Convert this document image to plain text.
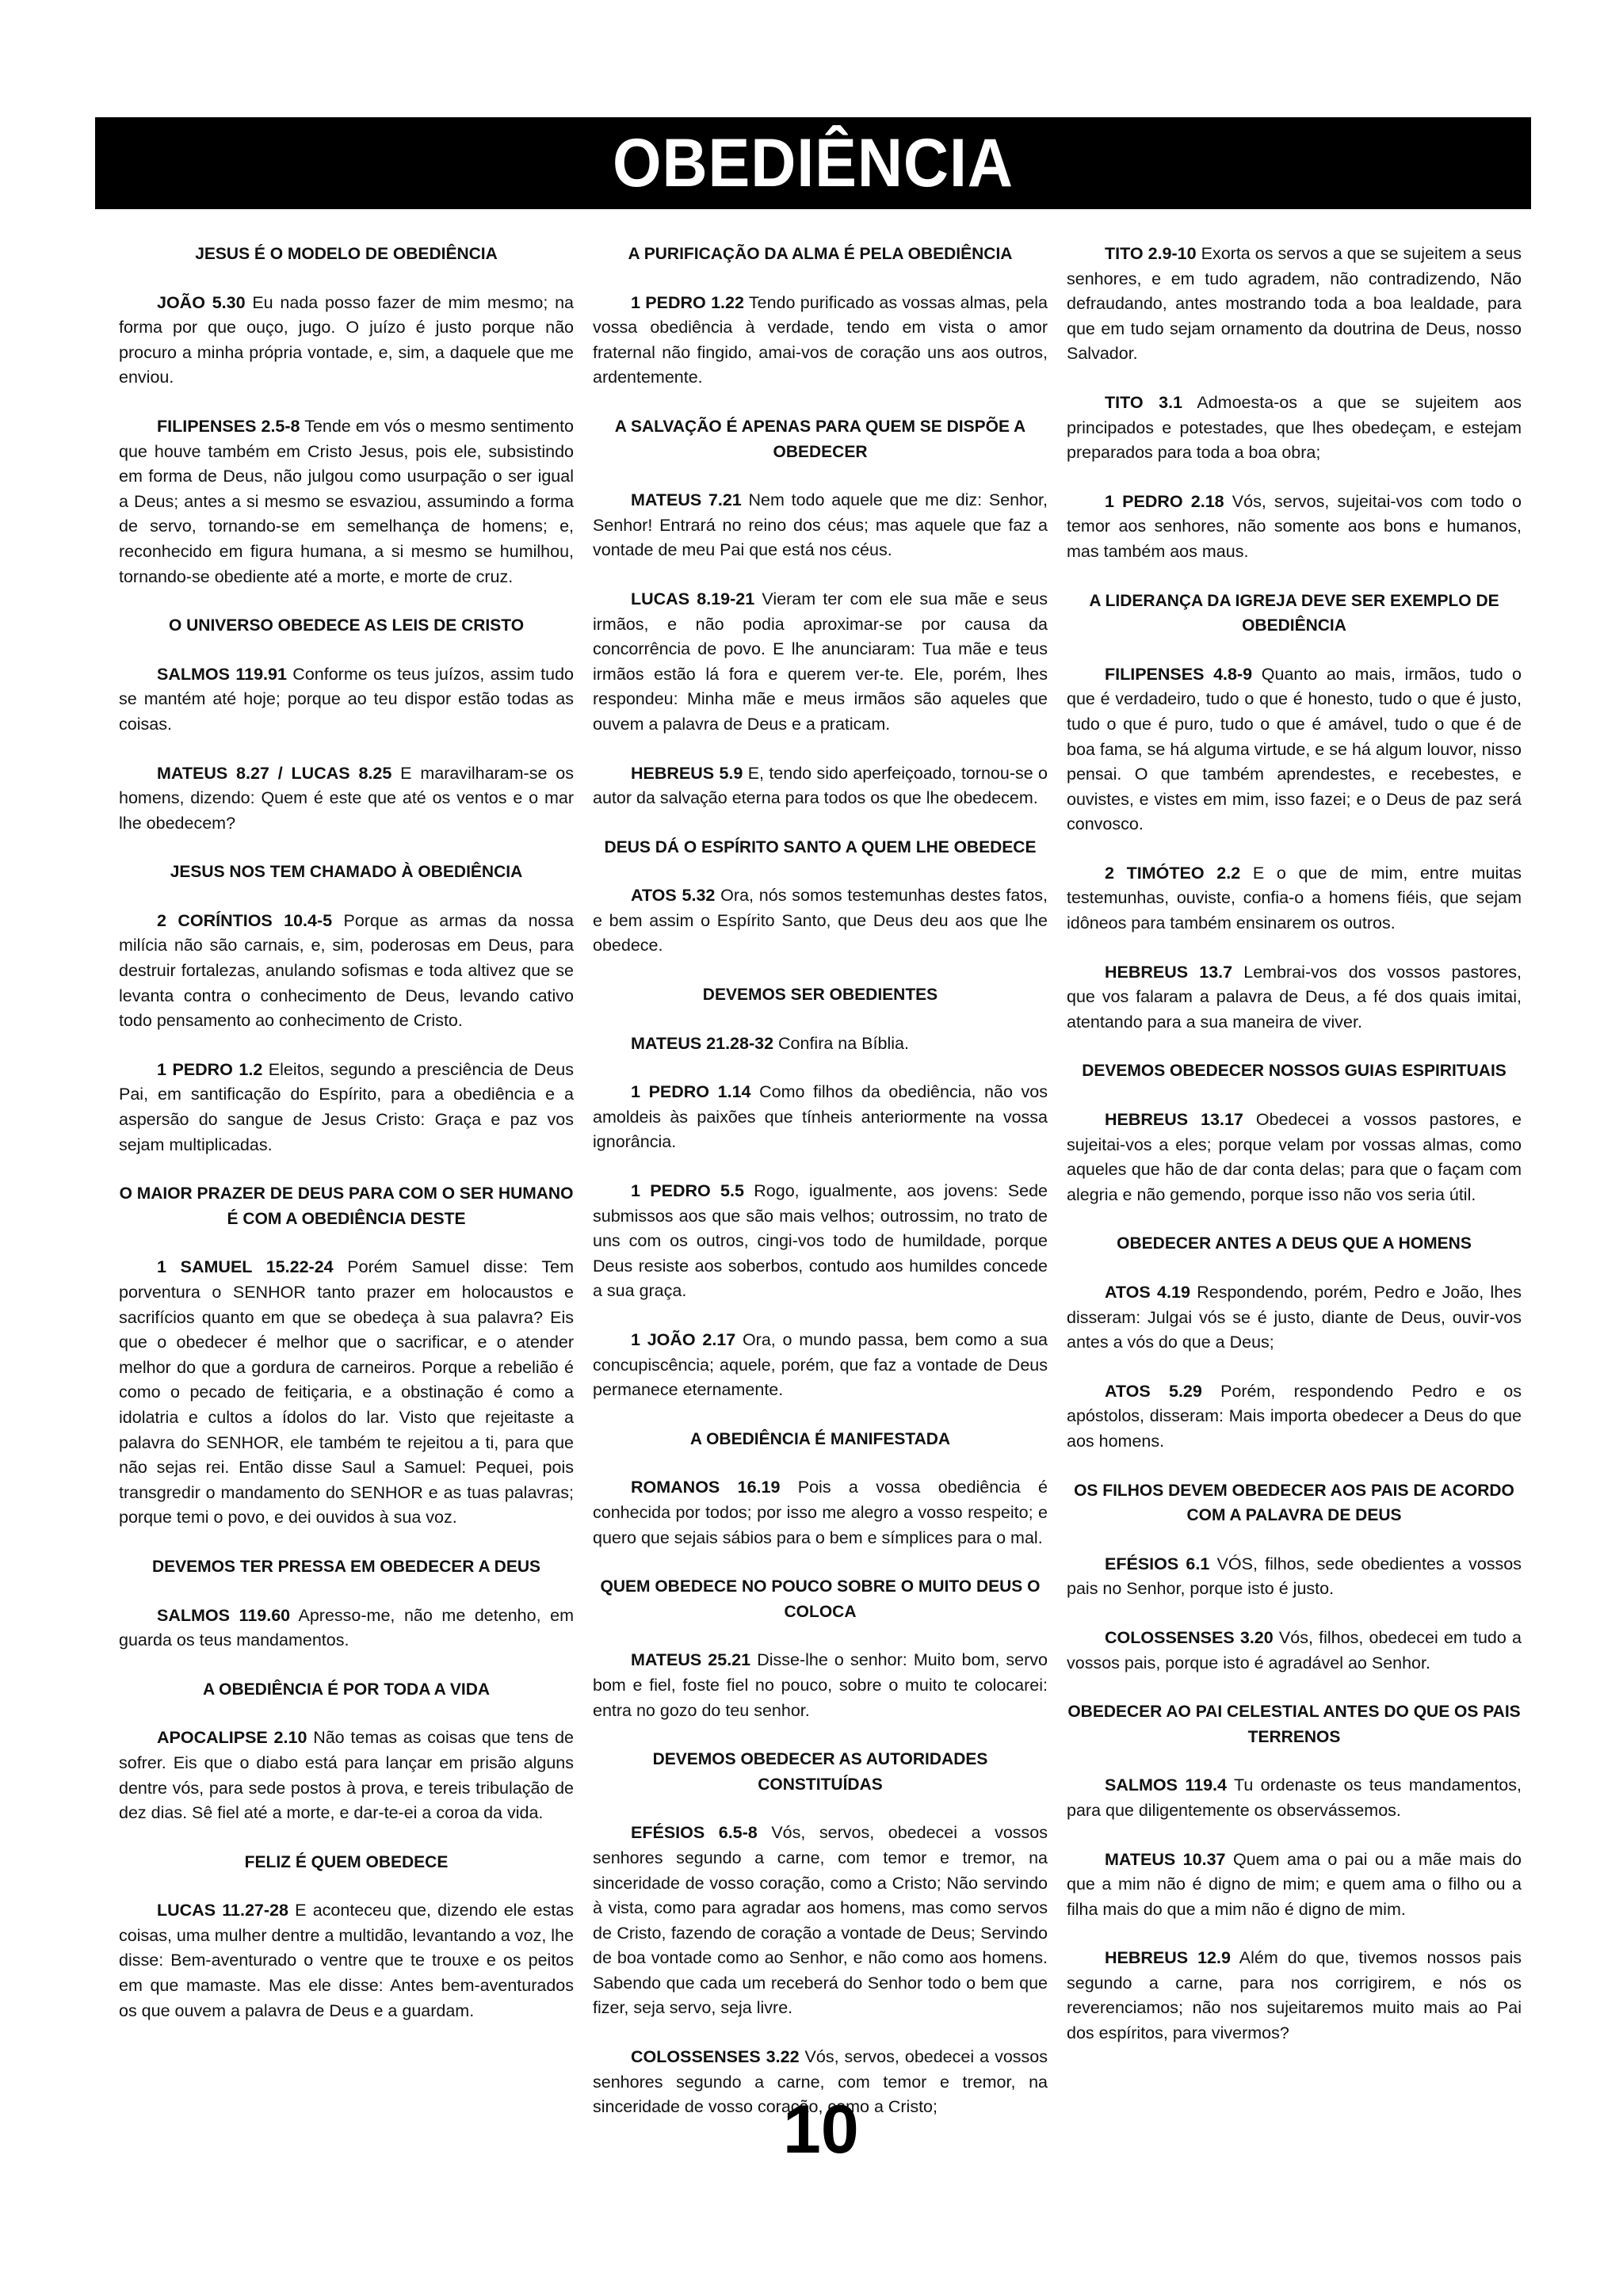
OBEDIÊNCIA
JESUS É O MODELO DE OBEDIÊNCIA
JOÃO 5.30 Eu nada posso fazer de mim mesmo; na forma por que ouço, jugo. O juízo é justo porque não procuro a minha própria vontade, e, sim, a daquele que me enviou.
FILIPENSES 2.5-8 Tende em vós o mesmo sentimento que houve também em Cristo Jesus, pois ele, subsistindo em forma de Deus, não julgou como usurpação o ser igual a Deus; antes a si mesmo se esvaziou, assumindo a forma de servo, tornando-se em semelhança de homens; e, reconhecido em figura humana, a si mesmo se humilhou, tornando-se obediente até a morte, e morte de cruz.
O UNIVERSO OBEDECE AS LEIS DE CRISTO
SALMOS 119.91 Conforme os teus juízos, assim tudo se mantém até hoje; porque ao teu dispor estão todas as coisas.
MATEUS 8.27 / LUCAS 8.25 E maravilharam-se os homens, dizendo: Quem é este que até os ventos e o mar lhe obedecem?
JESUS NOS TEM CHAMADO À OBEDIÊNCIA
2 CORÍNTIOS 10.4-5 Porque as armas da nossa milícia não são carnais, e, sim, poderosas em Deus, para destruir fortalezas, anulando sofismas e toda altivez que se levanta contra o conhecimento de Deus, levando cativo todo pensamento ao conhecimento de Cristo.
1 PEDRO 1.2 Eleitos, segundo a presciência de Deus Pai, em santificação do Espírito, para a obediência e a aspersão do sangue de Jesus Cristo: Graça e paz vos sejam multiplicadas.
O MAIOR PRAZER DE DEUS PARA COM O SER HUMANO É COM A OBEDIÊNCIA DESTE
1 SAMUEL 15.22-24 Porém Samuel disse: Tem porventura o SENHOR tanto prazer em holocaustos e sacrifícios quanto em que se obedeça à sua palavra? Eis que o obedecer é melhor que o sacrificar, e o atender melhor do que a gordura de carneiros. Porque a rebelião é como o pecado de feitiçaria, e a obstinação é como a idolatria e cultos a ídolos do lar. Visto que rejeitaste a palavra do SENHOR, ele também te rejeitou a ti, para que não sejas rei. Então disse Saul a Samuel: Pequei, pois transgredir o mandamento do SENHOR e as tuas palavras; porque temi o povo, e dei ouvidos à sua voz.
DEVEMOS TER PRESSA EM OBEDECER A DEUS
SALMOS 119.60 Apresso-me, não me detenho, em guarda os teus mandamentos.
A OBEDIÊNCIA É POR TODA A VIDA
APOCALIPSE 2.10 Não temas as coisas que tens de sofrer. Eis que o diabo está para lançar em prisão alguns dentre vós, para sede postos à prova, e tereis tribulação de dez dias. Sê fiel até a morte, e dar-te-ei a coroa da vida.
FELIZ É QUEM OBEDECE
LUCAS 11.27-28 E aconteceu que, dizendo ele estas coisas, uma mulher dentre a multidão, levantando a voz, lhe disse: Bem-aventurado o ventre que te trouxe e os peitos em que mamaste. Mas ele disse: Antes bem-aventurados os que ouvem a palavra de Deus e a guardam.
A PURIFICAÇÃO DA ALMA É PELA OBEDIÊNCIA
1 PEDRO 1.22 Tendo purificado as vossas almas, pela vossa obediência à verdade, tendo em vista o amor fraternal não fingido, amai-vos de coração uns aos outros, ardentemente.
A SALVAÇÃO É APENAS PARA QUEM SE DISPÕE A OBEDECER
MATEUS 7.21 Nem todo aquele que me diz: Senhor, Senhor! Entrará no reino dos céus; mas aquele que faz a vontade de meu Pai que está nos céus.
LUCAS 8.19-21 Vieram ter com ele sua mãe e seus irmãos, e não podia aproximar-se por causa da concorrência de povo. E lhe anunciaram: Tua mãe e teus irmãos estão lá fora e querem ver-te. Ele, porém, lhes respondeu: Minha mãe e meus irmãos são aqueles que ouvem a palavra de Deus e a praticam.
HEBREUS 5.9 E, tendo sido aperfeiçoado, tornou-se o autor da salvação eterna para todos os que lhe obedecem.
DEUS DÁ O ESPÍRITO SANTO A QUEM LHE OBEDECE
ATOS 5.32 Ora, nós somos testemunhas destes fatos, e bem assim o Espírito Santo, que Deus deu aos que lhe obedece.
DEVEMOS SER OBEDIENTES
MATEUS 21.28-32 Confira na Bíblia.
1 PEDRO 1.14 Como filhos da obediência, não vos amoldeis às paixões que tínheis anteriormente na vossa ignorância.
1 PEDRO 5.5 Rogo, igualmente, aos jovens: Sede submissos aos que são mais velhos; outrossim, no trato de uns com os outros, cingi-vos todo de humildade, porque Deus resiste aos soberbos, contudo aos humildes concede a sua graça.
1 JOÃO 2.17 Ora, o mundo passa, bem como a sua concupiscência; aquele, porém, que faz a vontade de Deus permanece eternamente.
A OBEDIÊNCIA É MANIFESTADA
ROMANOS 16.19 Pois a vossa obediência é conhecida por todos; por isso me alegro a vosso respeito; e quero que sejais sábios para o bem e símplices para o mal.
QUEM OBEDECE NO POUCO SOBRE O MUITO DEUS O COLOCA
MATEUS 25.21 Disse-lhe o senhor: Muito bom, servo bom e fiel, foste fiel no pouco, sobre o muito te colocarei: entra no gozo do teu senhor.
DEVEMOS OBEDECER AS AUTORIDADES CONSTITUÍDAS
EFÉSIOS 6.5-8 Vós, servos, obedecei a vossos senhores segundo a carne, com temor e tremor, na sinceridade de vosso coração, como a Cristo; Não servindo à vista, como para agradar aos homens, mas como servos de Cristo, fazendo de coração a vontade de Deus; Servindo de boa vontade como ao Senhor, e não como aos homens. Sabendo que cada um receberá do Senhor todo o bem que fizer, seja servo, seja livre.
COLOSSENSES 3.22 Vós, servos, obedecei a vossos senhores segundo a carne, com temor e tremor, na sinceridade de vosso coração, como a Cristo;
TITO 2.9-10 Exorta os servos a que se sujeitem a seus senhores, e em tudo agradem, não contradizendo, Não defraudando, antes mostrando toda a boa lealdade, para que em tudo sejam ornamento da doutrina de Deus, nosso Salvador.
TITO 3.1 Admoesta-os a que se sujeitem aos principados e potestades, que lhes obedeçam, e estejam preparados para toda a boa obra;
1 PEDRO 2.18 Vós, servos, sujeitai-vos com todo o temor aos senhores, não somente aos bons e humanos, mas também aos maus.
A LIDERANÇA DA IGREJA DEVE SER EXEMPLO DE OBEDIÊNCIA
FILIPENSES 4.8-9 Quanto ao mais, irmãos, tudo o que é verdadeiro, tudo o que é honesto, tudo o que é justo, tudo o que é puro, tudo o que é amável, tudo o que é de boa fama, se há alguma virtude, e se há algum louvor, nisso pensai. O que também aprendestes, e recebestes, e ouvistes, e vistes em mim, isso fazei; e o Deus de paz será convosco.
2 TIMÓTEO 2.2 E o que de mim, entre muitas testemunhas, ouviste, confia-o a homens fiéis, que sejam idôneos para também ensinarem os outros.
HEBREUS 13.7 Lembrai-vos dos vossos pastores, que vos falaram a palavra de Deus, a fé dos quais imitai, atentando para a sua maneira de viver.
DEVEMOS OBEDECER NOSSOS GUIAS ESPIRITUAIS
HEBREUS 13.17 Obedecei a vossos pastores, e sujeitai-vos a eles; porque velam por vossas almas, como aqueles que hão de dar conta delas; para que o façam com alegria e não gemendo, porque isso não vos seria útil.
OBEDECER ANTES A DEUS QUE A HOMENS
ATOS 4.19 Respondendo, porém, Pedro e João, lhes disseram: Julgai vós se é justo, diante de Deus, ouvir-vos antes a vós do que a Deus;
ATOS 5.29 Porém, respondendo Pedro e os apóstolos, disseram: Mais importa obedecer a Deus do que aos homens.
OS FILHOS DEVEM OBEDECER AOS PAIS DE ACORDO COM A PALAVRA DE DEUS
EFÉSIOS 6.1 VÓS, filhos, sede obedientes a vossos pais no Senhor, porque isto é justo.
COLOSSENSES 3.20 Vós, filhos, obedecei em tudo a vossos pais, porque isto é agradável ao Senhor.
OBEDECER AO PAI CELESTIAL ANTES DO QUE OS PAIS TERRENOS
SALMOS 119.4 Tu ordenaste os teus mandamentos, para que diligentemente os observássemos.
MATEUS 10.37 Quem ama o pai ou a mãe mais do que a mim não é digno de mim; e quem ama o filho ou a filha mais do que a mim não é digno de mim.
HEBREUS 12.9 Além do que, tivemos nossos pais segundo a carne, para nos corrigirem, e nós os reverenciamos; não nos sujeitaremos muito mais ao Pai dos espíritos, para vivermos?
10
